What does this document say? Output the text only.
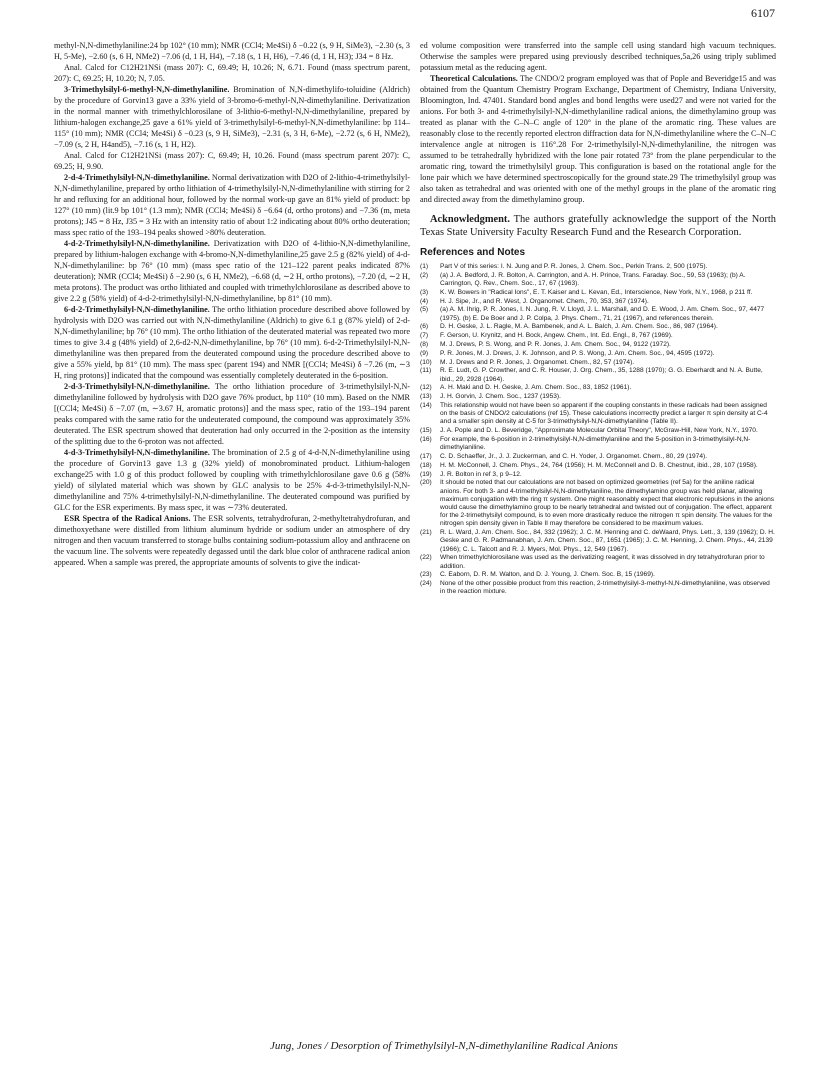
6107

methyl-N,N-dimethylaniline:24 bp 102° (10 mm); NMR (CCl4; Me4Si) δ −0.22 (s, 9 H, SiMe3), −2.30 (s, 3 H, 5-Me), −2.60 (s, 6 H, NMe2) −7.06 (d, 1 H, H4), −7.18 (s, 1 H, H6), −7.46 (d, 1 H, H3); J34 = 8 Hz.

Anal. Calcd for C12H21NSi (mass 207): C, 69.49; H, 10.26; N, 6.71. Found (mass spectrum parent, 207): C, 69.25; H, 10.20; N, 7.05.

3-Trimethylsilyl-6-methyl-N,N-dimethylaniline. Bromination of N,N-dimethylifo-toluidine (Aldrich) by the procedure of Gorvin13 gave a 33% yield of 3-bromo-6-methyl-N,N-dimethylaniline. Derivatization in the normal manner with trimethylchlorosilane of 3-lithio-6-methyl-N,N-dimethylaniline, prepared by lithium-halogen exchange,25 gave a 61% yield of 3-trimethylsilyl-6-methyl-N,N-dimethylaniline: bp 114–115° (10 mm); NMR (CCl4; Me4Si) δ −0.23 (s, 9 H, SiMe3), −2.31 (s, 3 H, 6-Me), −2.72 (s, 6 H, NMe2), −7.09 (s, 2 H, H4and5), −7.16 (s, 1 H, H2).

Anal. Calcd for C12H21NSi (mass 207): C, 69.49; H, 10.26. Found (mass spectrum parent 207): C, 69.25; H, 9.90.

2-d-4-Trimethylsilyl-N,N-dimethylaniline. Normal derivatization with D2O of 2-lithio-4-trimethylsilyl-N,N-dimethylaniline, prepared by ortho lithiation of 4-trimethylsilyl-N,N-dimethylaniline with stirring for 2 hr and refluxing for an additional hour, followed by the normal work-up gave an 81% yield of product: bp 127° (10 mm) (lit.9 bp 101° (1.3 mm); NMR (CCl4; Me4Si) δ −6.64 (d, ortho protons) and −7.36 (m, meta protons); J45 = 8 Hz, J35 = 3 Hz with an intensity ratio of about 1:2 indicating about 80% ortho deuteration; mass spec ratio of the 193–194 peaks showed >80% deuteration.

4-d-2-Trimethylsilyl-N,N-dimethylaniline. Derivatization with D2O of 4-lithio-N,N-dimethylaniline, prepared by lithium-halogen exchange with 4-bromo-N,N-dimethylaniline,25 gave 2.5 g (82% yield) of 4-d-N,N-dimethylaniline: bp 76° (10 mm) (mass spec ratio of the 121–122 parent peaks indicated 87% deuteration); NMR (CCl4; Me4Si) δ −2.90 (s, 6 H, NMe2), −6.68 (d, ∼2 H, ortho protons), −7.20 (d, ∼2 H, meta protons). The product was ortho lithiated and coupled with trimethylchlorosilane as described above to give 2.2 g (58% yield) of 4-d-2-trimethylsilyl-N,N-dimethylaniline, bp 81° (10 mm).

6-d-2-Trimethylsilyl-N,N-dimethylaniline. The ortho lithiation procedure described above followed by hydrolysis with D2O was carried out with N,N-dimethylaniline (Aldrich) to give 6.1 g (87% yield) of 2-d-N,N-dimethylaniline; bp 76° (10 mm). The ortho lithiation of the deuterated material was repeated two more times to give 3.4 g (48% yield) of 2,6-d2-N,N-dimethylaniline, bp 76° (10 mm). 6-d-2-Trimethylsilyl-N,N-dimethylaniline was then prepared from the deuterated compound using the procedure described above to give a 55% yield, bp 81° (10 mm). The mass spec (parent 194) and NMR [(CCl4; Me4Si) δ −7.26 (m, ∼3 H, ring protons)] indicated that the compound was essentially completely deuterated in the 6-position.

2-d-3-Trimethylsilyl-N,N-dimethylaniline. The ortho lithiation procedure of 3-trimethylsilyl-N,N-dimethylaniline followed by hydrolysis with D2O gave 76% product, bp 110° (10 mm). Based on the NMR [(CCl4; Me4Si) δ −7.07 (m, ∼3.67 H, aromatic protons)] and the mass spec, ratio of the 193–194 parent peaks compared with the same ratio for the undeuterated compound, the compound was approximately 35% deuterated. The ESR spectrum showed that deuteration had only occurred in the 2-position as the intensity of the splitting due to the 6-proton was not affected.

4-d-3-Trimethylsilyl-N,N-dimethylaniline. The bromination of 2.5 g of 4-d-N,N-dimethylaniline using the procedure of Gorvin13 gave 1.3 g (32% yield) of monobrominated product. Lithium-halogen exchange25 with 1.0 g of this product followed by coupling with trimethylchlorosilane gave 0.6 g (58% yield) of silylated material which was shown by GLC analysis to be 25% 4-d-3-trimethylsilyl-N,N-dimethylaniline and 75% 4-trimethylsilyl-N,N-dimethylaniline. The deuterated compound was purified by GLC for the ESR experiments. By mass spec, it was ∼73% deuterated.

ESR Spectra of the Radical Anions. The ESR solvents, tetrahydrofuran, 2-methyltetrahydrofuran, and dimethoxyethane were distilled from lithium aluminum hydride or sodium under an atmosphere of dry nitrogen and then vacuum transferred to storage bulbs containing sodium-potassium alloy and anthracene on the vacuum line. The solvents were repeatedly degassed until the dark blue color of anthracene radical anion appeared. When a sample was prered, the appropriate amounts of solvents to give the indicat-

ed volume composition were transferred into the sample cell using standard high vacuum techniques. Otherwise the samples were prepared using previously described techniques,5a,26 using triply sublimed potassium metal as the reducing agent.

Theoretical Calculations. The CNDO/2 program employed was that of Pople and Beveridge15 and was obtained from the Quantum Chemistry Program Exchange, Department of Chemistry, Indiana University, Bloomington, Ind. 47401. Standard bond angles and bond lengths were used27 and were not varied for the anions. For both 3- and 4-trimethylsilyl-N,N-dimethylaniline radical anions, the dimethylamino group was treated as planar with the C–N–C angle of 120° in the plane of the aromatic ring. These values are reasonably close to the recently reported electron diffraction data for N,N-dimethylaniline where the C–N–C intervalence angle at nitrogen is 116°.28 For 2-trimethylsilyl-N,N-dimethylaniline, the nitrogen was assumed to be tetrahedrally hybridized with the lone pair rotated 73° from the plane perpendicular to the aromatic ring, toward the trimethylsilyl group. This configuration is based on the rotational angle for the lone pair which we have determined spectroscopically for the ground state.29 The trimethylsilyl group was also taken as tetrahedral and was oriented with one of the methyl groups in the plane of the aromatic ring and directed away from the dimethylamino group.

Acknowledgment. The authors gratefully acknowledge the support of the North Texas State University Faculty Research Fund and the Research Corporation.

References and Notes
(1)	Part V of this series: I. N. Jung and P. R. Jones, J. Chem. Soc., Perkin Trans. 2, 500 (1975).
(2)	(a) J. A. Bedford, J. R. Bolton, A. Carrington, and A. H. Prince, Trans. Faraday. Soc., 59, 53 (1963); (b) A. Carrington, Q. Rev., Chem. Soc., 17, 67 (1963).
(3)	K. W. Bowers in "Radical Ions", E. T. Kaiser and L. Kevan, Ed., Interscience, New York, N.Y., 1968, p 211 ff.
(4)	H. J. Sipe, Jr., and R. West, J. Organomet. Chem., 70, 353, 367 (1974).
(5)	(a) A. M. Ihrig, P. R. Jones, I. N. Jung, R. V. Lloyd, J. L. Marshall, and D. E. Wood, J. Am. Chem. Soc., 97, 4477 (1975). (b) E. De Boer and J. P. Colpa, J. Phys. Chem., 71, 21 (1967), and references therein.
(6)	D. H. Geske, J. L. Ragle, M. A. Bambenek, and A. L. Balch, J. Am. Chem. Soc., 86, 987 (1964).
(7)	F. Gerson, U. Krynitz, and H. Bock, Angew. Chem., Int. Ed. Engl., 8, 767 (1969).
(8)	M. J. Drews, P. S. Wong, and P. R. Jones, J. Am. Chem. Soc., 94, 9122 (1972).
(9)	P. R. Jones, M. J. Drews, J. K. Johnson, and P. S. Wong, J. Am. Chem. Soc., 94, 4595 (1972).
(10)	M. J. Drews and P. R. Jones, J. Organomet. Chem., 82, 57 (1974).
(11)	R. E. Ludt, G. P. Crowther, and C. R. Houser, J. Org. Chem., 35, 1288 (1970); G. G. Eberhardt and N. A. Butte, ibid., 29, 2928 (1964).
(12)	A. H. Maki and D. H. Geske, J. Am. Chem. Soc., 83, 1852 (1961).
(13)	J. H. Gorvin, J. Chem. Soc., 1237 (1953).
(14)	This relationship would not have been so apparent if the coupling constants in these radicals had been assigned on the basis of CNDO/2 calculations (ref 15). These calculations incorrectly predict a larger π spin density at C-4 and a smaller spin density at C-5 for 3-trimethylsilyl-N,N-dimethylaniline (Table II).
(15)	J. A. Pople and D. L. Beveridge, "Approximate Molecular Orbital Theory", McGraw-Hill, New York, N.Y., 1970.
(16)	For example, the 6-position in 2-trimethylsilyl-N,N-dimethylaniline and the 5-position in 3-trimethylsilyl-N,N-dimethylaniline.
(17)	C. D. Schaeffer, Jr., J. J. Zuckerman, and C. H. Yoder, J. Organomet. Chem., 80, 29 (1974).
(18)	H. M. McConnell, J. Chem. Phys., 24, 764 (1956); H. M. McConnell and D. B. Chestnut, ibid., 28, 107 (1958).
(19)	J. R. Bolton in ref 3, p 9–12.
(20)	It should be noted that our calculations are not based on optimized geometries (ref 5a) for the aniline radical anions. For both 3- and 4-trimethylsilyl-N,N-dimethylaniline, the dimethylamino group was held planar, allowing maximum conjugation with the ring π system. One might reasonably expect that electronic repulsions in the anions would cause the dimethylamino group to be nearly tetrahedral and twisted out of conjugation. The effect, apparent for the 2-trimethylsilyl compound, is to even more drastically reduce the nitrogen π spin density. The values for the nitrogen spin density given in Table II may therefore be considered to be maximum values.
(21)	R. L. Ward, J. Am. Chem. Soc., 84, 332 (1962); J. C. M. Henning and C. deWaard, Phys. Lett., 3, 139 (1962); D. H. Geske and G. R. Padmanabhan, J. Am. Chem. Soc., 87, 1651 (1965); J. C. M. Henning, J. Chem. Phys., 44, 2139 (1966); C. L. Talcott and R. J. Myers, Mol. Phys., 12, 549 (1967).
(22)	When trimethylchlorosilane was used as the derivatizing reagent, it was dissolved in dry tetrahydrofuran prior to addition.
(23)	C. Eaborn, D. R. M. Walton, and D. J. Young, J. Chem. Soc. B, 15 (1969).
(24)	None of the other possible product from this reaction, 2-trimethylsilyl-3-methyl-N,N-dimethylaniline, was observed in the reaction mixture.
Jung, Jones / Desorption of Trimethylsilyl-N,N-dimethylaniline Radical Anions
